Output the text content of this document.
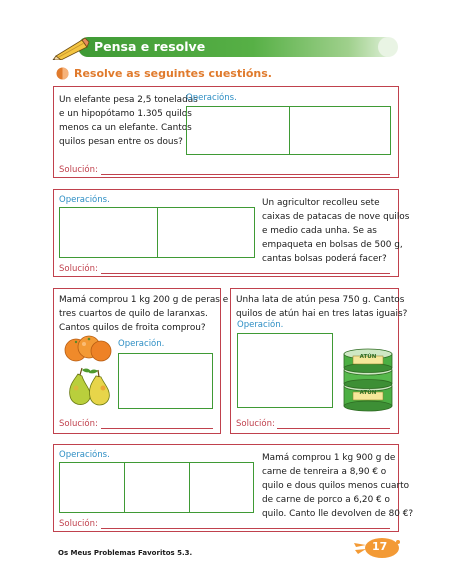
Pensa e resolve
Resolve as seguintes cuestións.
Un elefante pesa 2,5 toneladas
e un hipopótamo 1.305 quilos
menos ca un elefante. Cantos
quilos pesan entre os dous?
Operacións.
Solución:
Operacións.	Un agricultor recolleu sete
caixas de patacas de nove quilos
e medio cada unha. Se as
empaqueta en bolsas de 500 g,
cantas bolsas poderá facer?
Solución:
Mamá comprou 1 kg 200 g de peras e
tres cuartos de quilo de laranxas.
Cantos quilos de froita comprou?
Operación.
Solución:
Unha lata de atún pesa 750 g. Cantos
quilos de atún hai en tres latas iguais?
Operación.
ATÚN
ATÚN
Solución:
Operacións.	Mamá comprou 1 kg 900 g de
carne de tenreira a 8,90 € o
quilo e dous quilos menos cuarto
de carne de porco a 6,20 € o
quilo. Canto lle devolven de 80 €?
Solución:
Os Meus Problemas Favoritos 5.3.	17
